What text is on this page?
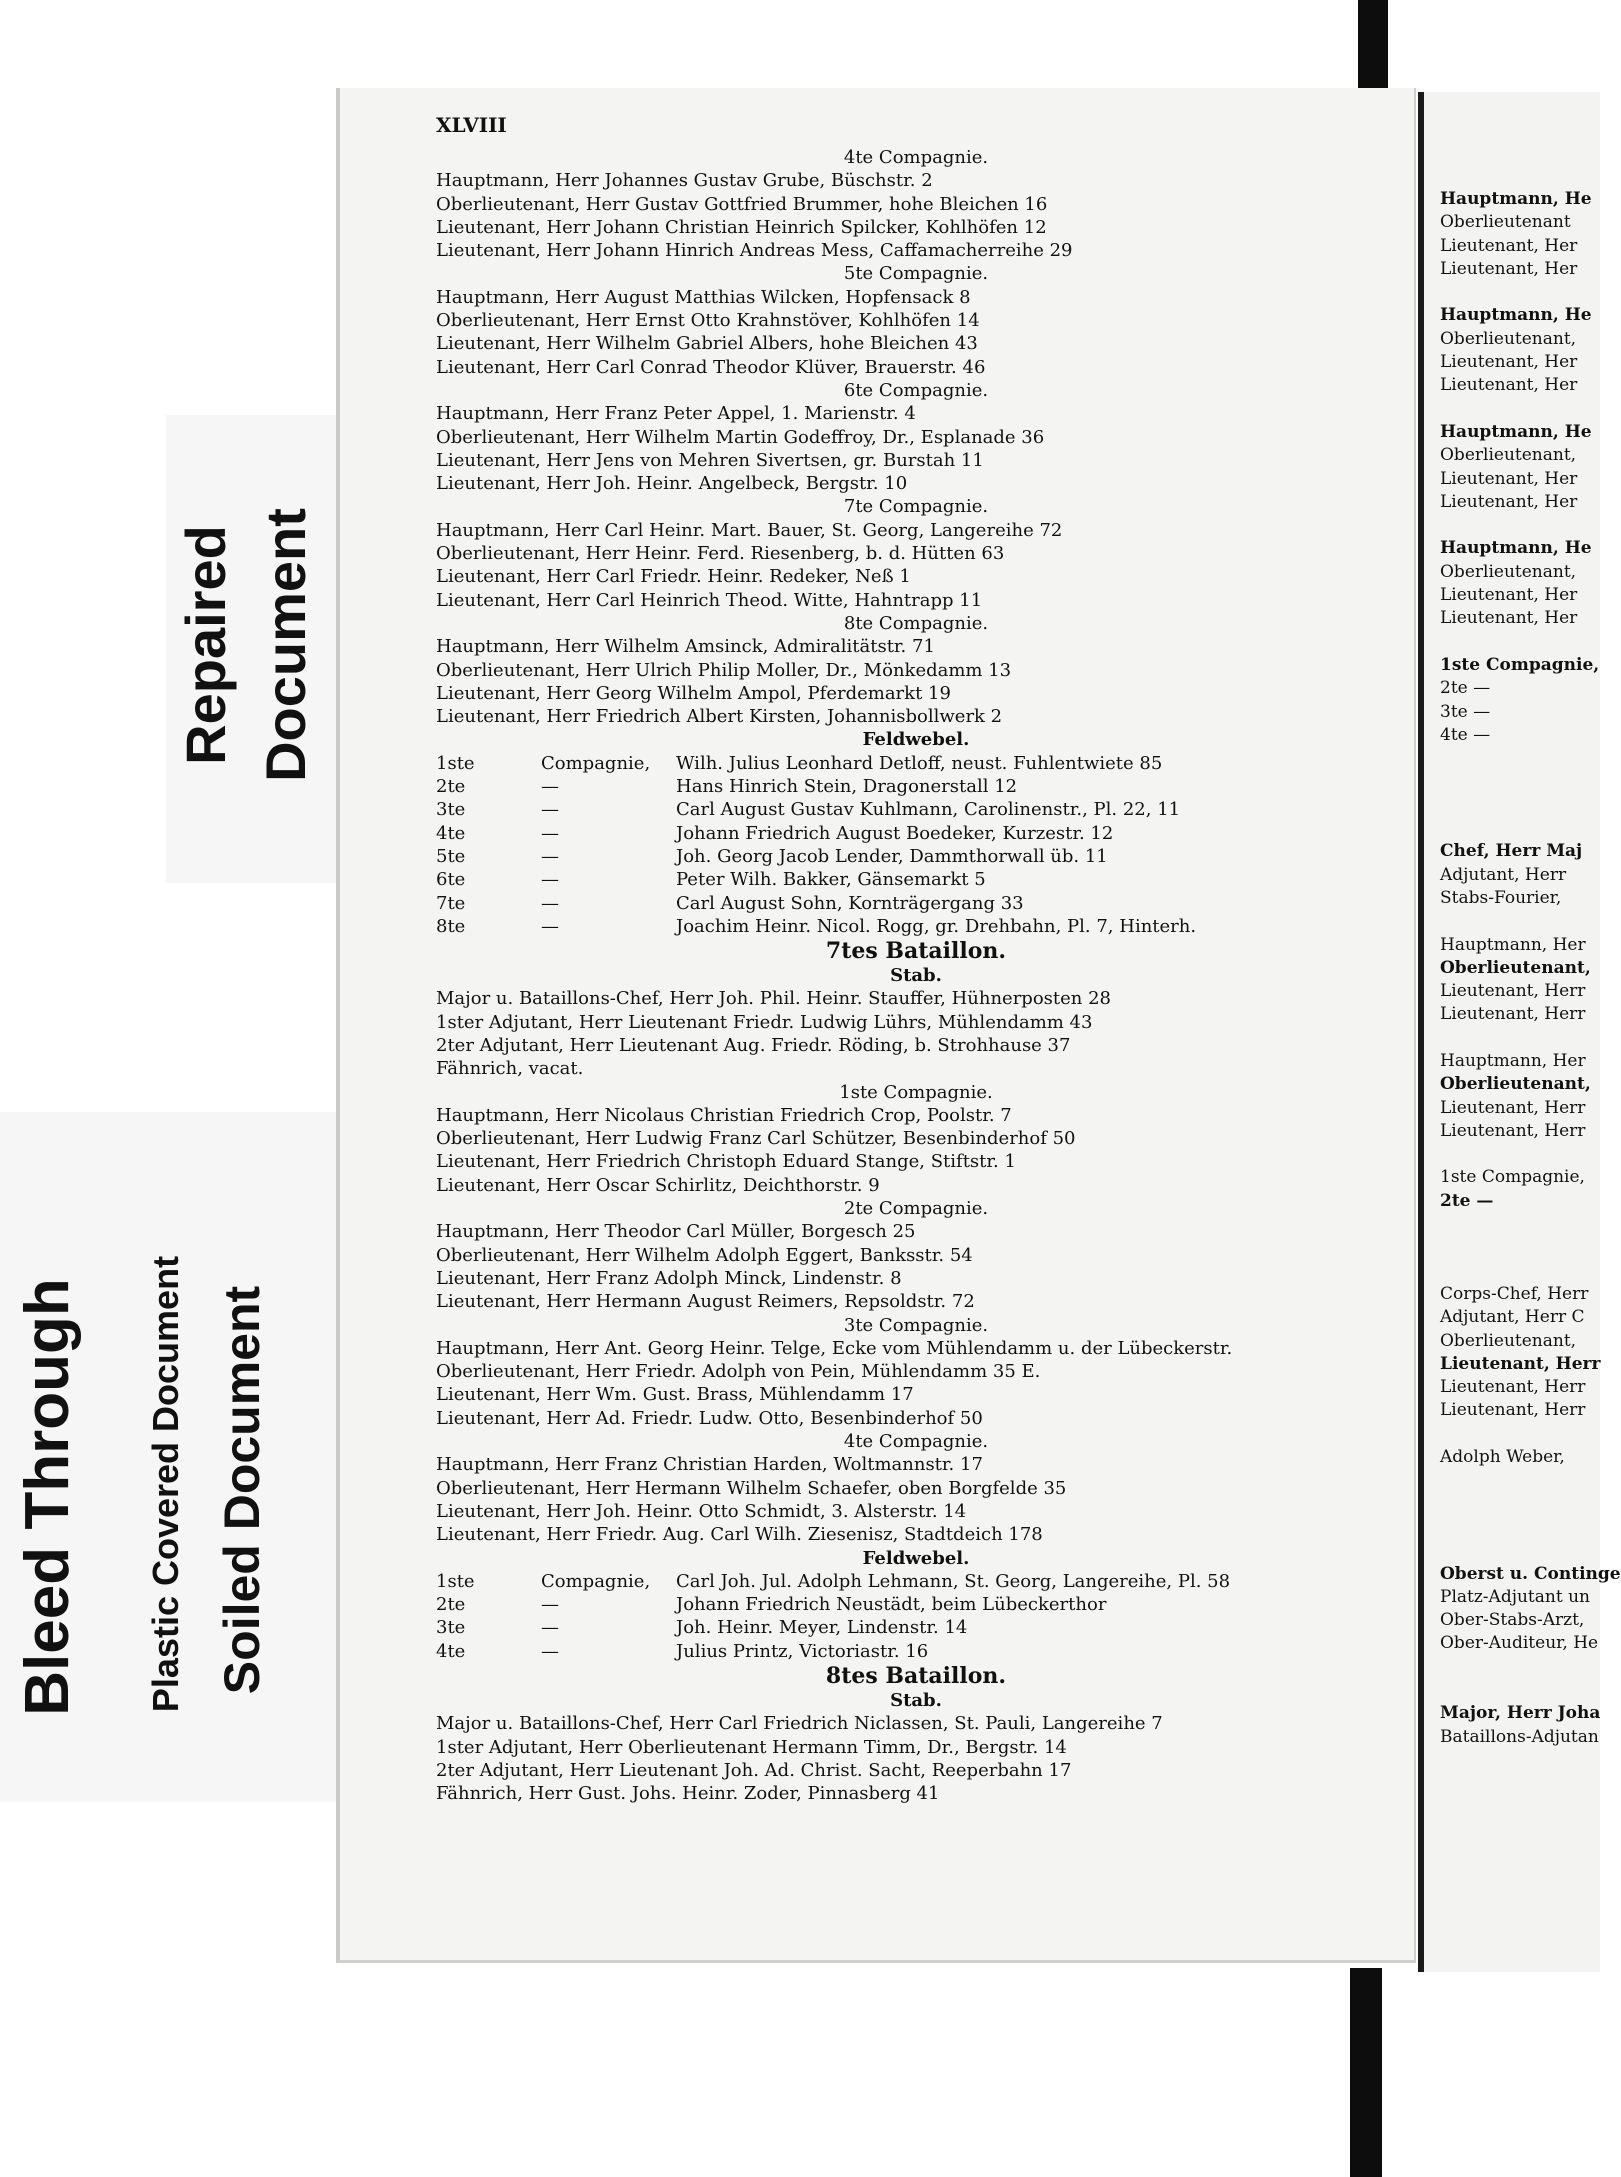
Repaired Document
Bleed Through Plastic Covered Document Soiled Document
XLVIII
4te Compagnie.
Hauptmann, Herr Johannes Gustav Grube, Büschstr. 2
Oberlieutenant, Herr Gustav Gottfried Brummer, hohe Bleichen 16
Lieutenant, Herr Johann Christian Heinrich Spilcker, Kohlhöfen 12
Lieutenant, Herr Johann Hinrich Andreas Mess, Caffamacherreihe 29
5te Compagnie.
Hauptmann, Herr August Matthias Wilcken, Hopfensack 8
Oberlieutenant, Herr Ernst Otto Krahnstöver, Kohlhöfen 14
Lieutenant, Herr Wilhelm Gabriel Albers, hohe Bleichen 43
Lieutenant, Herr Carl Conrad Theodor Klüver, Brauerstr. 46
6te Compagnie.
Hauptmann, Herr Franz Peter Appel, 1. Marienstr. 4
Oberlieutenant, Herr Wilhelm Martin Godeffroy, Dr., Esplanade 36
Lieutenant, Herr Jens von Mehren Sivertsen, gr. Burstah 11
Lieutenant, Herr Joh. Heinr. Angelbeck, Bergstr. 10
7te Compagnie.
Hauptmann, Herr Carl Heinr. Mart. Bauer, St. Georg, Langereihe 72
Oberlieutenant, Herr Heinr. Ferd. Riesenberg, b. d. Hütten 63
Lieutenant, Herr Carl Friedr. Heinr. Redeker, Neß 1
Lieutenant, Herr Carl Heinrich Theod. Witte, Hahntrapp 11
8te Compagnie.
Hauptmann, Herr Wilhelm Amsinck, Admiralitätstr. 71
Oberlieutenant, Herr Ulrich Philip Moller, Dr., Mönkedamm 13
Lieutenant, Herr Georg Wilhelm Ampol, Pferdemarkt 19
Lieutenant, Herr Friedrich Albert Kirsten, Johannisbollwerk 2
Feldwebel.
1ste	Compagnie,	Wilh. Julius Leonhard Detloff, neust. Fuhlentwiete 85
2te	—	Hans Hinrich Stein, Dragonerstall 12
3te	—	Carl August Gustav Kuhlmann, Carolinenstr., Pl. 22, 11
4te	—	Johann Friedrich August Boedeker, Kurzestr. 12
5te	—	Joh. Georg Jacob Lender, Dammthorwall üb. 11
6te	—	Peter Wilh. Bakker, Gänsemarkt 5
7te	—	Carl August Sohn, Kornträgergang 33
8te	—	Joachim Heinr. Nicol. Rogg, gr. Drehbahn, Pl. 7, Hinterh.
7tes Bataillon.
Stab.
Major u. Bataillons-Chef, Herr Joh. Phil. Heinr. Stauffer, Hühnerposten 28
1ster Adjutant, Herr Lieutenant Friedr. Ludwig Lührs, Mühlendamm 43
2ter Adjutant, Herr Lieutenant Aug. Friedr. Röding, b. Strohhause 37
Fähnrich, vacat.
1ste Compagnie.
Hauptmann, Herr Nicolaus Christian Friedrich Crop, Poolstr. 7
Oberlieutenant, Herr Ludwig Franz Carl Schützer, Besenbinderhof 50
Lieutenant, Herr Friedrich Christoph Eduard Stange, Stiftstr. 1
Lieutenant, Herr Oscar Schirlitz, Deichthorstr. 9
2te Compagnie.
Hauptmann, Herr Theodor Carl Müller, Borgesch 25
Oberlieutenant, Herr Wilhelm Adolph Eggert, Banksstr. 54
Lieutenant, Herr Franz Adolph Minck, Lindenstr. 8
Lieutenant, Herr Hermann August Reimers, Repsoldstr. 72
3te Compagnie.
Hauptmann, Herr Ant. Georg Heinr. Telge, Ecke vom Mühlendamm u. der Lübeckerstr.
Oberlieutenant, Herr Friedr. Adolph von Pein, Mühlendamm 35 E.
Lieutenant, Herr Wm. Gust. Brass, Mühlendamm 17
Lieutenant, Herr Ad. Friedr. Ludw. Otto, Besenbinderhof 50
4te Compagnie.
Hauptmann, Herr Franz Christian Harden, Woltmannstr. 17
Oberlieutenant, Herr Hermann Wilhelm Schaefer, oben Borgfelde 35
Lieutenant, Herr Joh. Heinr. Otto Schmidt, 3. Alsterstr. 14
Lieutenant, Herr Friedr. Aug. Carl Wilh. Ziesenisz, Stadtdeich 178
Feldwebel.
1ste	Compagnie,	Carl Joh. Jul. Adolph Lehmann, St. Georg, Langereihe, Pl. 58
2te	—	Johann Friedrich Neustädt, beim Lübeckerthor
3te	—	Joh. Heinr. Meyer, Lindenstr. 14
4te	—	Julius Printz, Victoriastr. 16
8tes Bataillon.
Stab.
Major u. Bataillons-Chef, Herr Carl Friedrich Niclassen, St. Pauli, Langereihe 7
1ster Adjutant, Herr Oberlieutenant Hermann Timm, Dr., Bergstr. 14
2ter Adjutant, Herr Lieutenant Joh. Ad. Christ. Sacht, Reeperbahn 17
Fähnrich, Herr Gust. Johs. Heinr. Zoder, Pinnasberg 41
Hauptmann, He
Oberlieutenant
Lieutenant, Her
Lieutenant, Her
Hauptmann, He
Oberlieutenant,
Lieutenant, Her
Lieutenant, Her
Hauptmann, He
Oberlieutenant,
Lieutenant, Her
Lieutenant, Her
Hauptmann, He
Oberlieutenant,
Lieutenant, Her
Lieutenant, Her
1ste Compagnie,
2te —
3te —
4te —
Chef, Herr Maj
Adjutant, Herr
Stabs-Fourier,
Hauptmann, Her
Oberlieutenant,
Lieutenant, Herr
Lieutenant, Herr
Hauptmann, Her
Oberlieutenant,
Lieutenant, Herr
Lieutenant, Herr
1ste Compagnie,
2te —
Corps-Chef, Herr
Adjutant, Herr C
Oberlieutenant,
Lieutenant, Herr
Lieutenant, Herr
Lieutenant, Herr
Adolph Weber,
Oberst u. Continge
Platz-Adjutant un
Ober-Stabs-Arzt,
Ober-Auditeur, He
Major, Herr Joha
Bataillons-Adjutan
